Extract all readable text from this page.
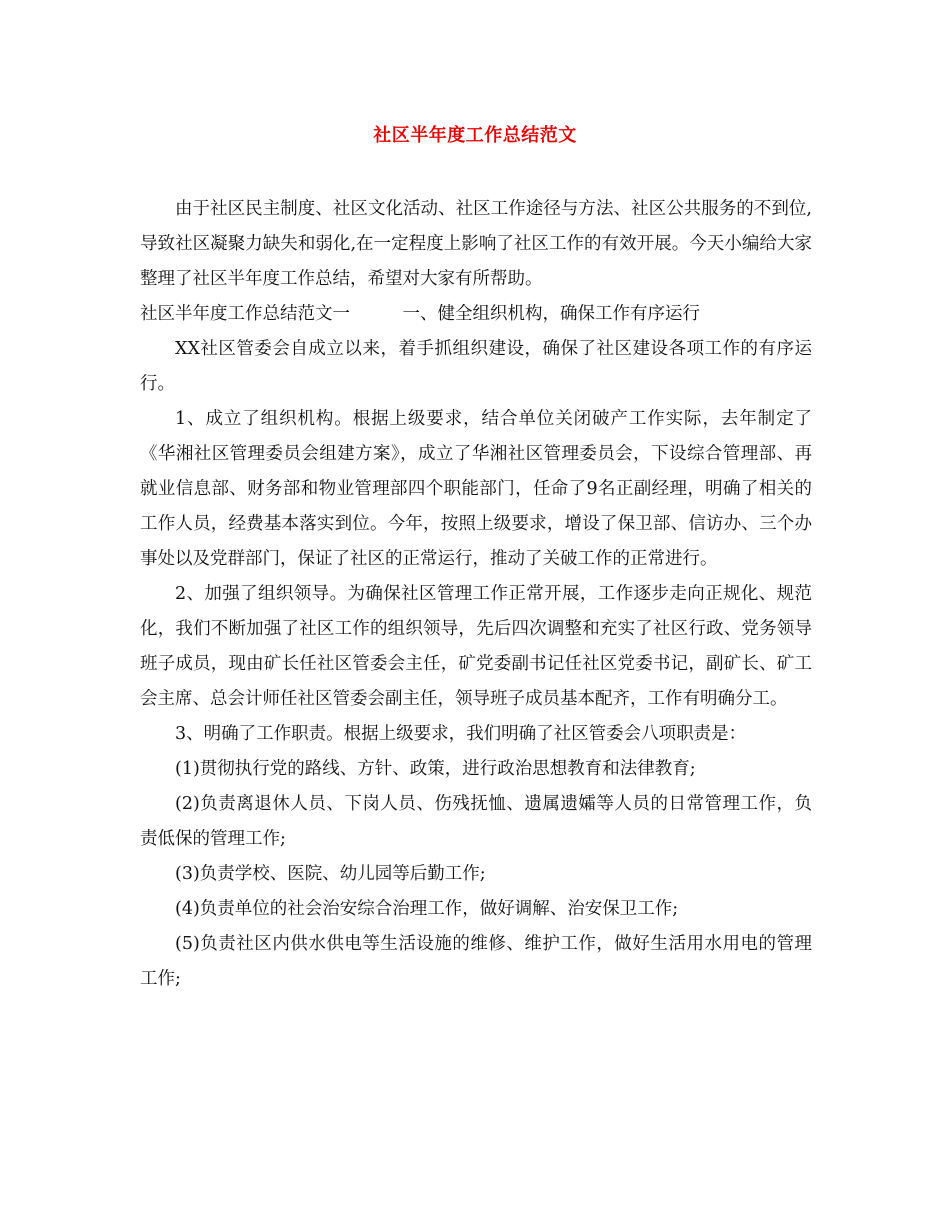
社区半年度工作总结范文

由于社区民主制度、社区文化活动、社区工作途径与方法、社区公共服务的不到位,导致社区凝聚力缺失和弱化,在一定程度上影响了社区工作的有效开展。今天小编给大家整理了社区半年度工作总结，希望对大家有所帮助。

社区半年度工作总结范文一　　　一、健全组织机构，确保工作有序运行

XX社区管委会自成立以来，着手抓组织建设，确保了社区建设各项工作的有序运行。

1、成立了组织机构。根据上级要求，结合单位关闭破产工作实际，去年制定了《华湘社区管理委员会组建方案》，成立了华湘社区管理委员会，下设综合管理部、再就业信息部、财务部和物业管理部四个职能部门，任命了9名正副经理，明确了相关的工作人员，经费基本落实到位。今年，按照上级要求，增设了保卫部、信访办、三个办事处以及党群部门，保证了社区的正常运行，推动了关破工作的正常进行。

2、加强了组织领导。为确保社区管理工作正常开展，工作逐步走向正规化、规范化，我们不断加强了社区工作的组织领导，先后四次调整和充实了社区行政、党务领导班子成员，现由矿长任社区管委会主任，矿党委副书记任社区党委书记，副矿长、矿工会主席、总会计师任社区管委会副主任，领导班子成员基本配齐，工作有明确分工。

3、明确了工作职责。根据上级要求，我们明确了社区管委会八项职责是：

(1)贯彻执行党的路线、方针、政策，进行政治思想教育和法律教育;

(2)负责离退休人员、下岗人员、伤残抚恤、遗属遗孀等人员的日常管理工作，负责低保的管理工作;

(3)负责学校、医院、幼儿园等后勤工作;

(4)负责单位的社会治安综合治理工作，做好调解、治安保卫工作;

(5)负责社区内供水供电等生活设施的维修、维护工作，做好生活用水用电的管理工作;
